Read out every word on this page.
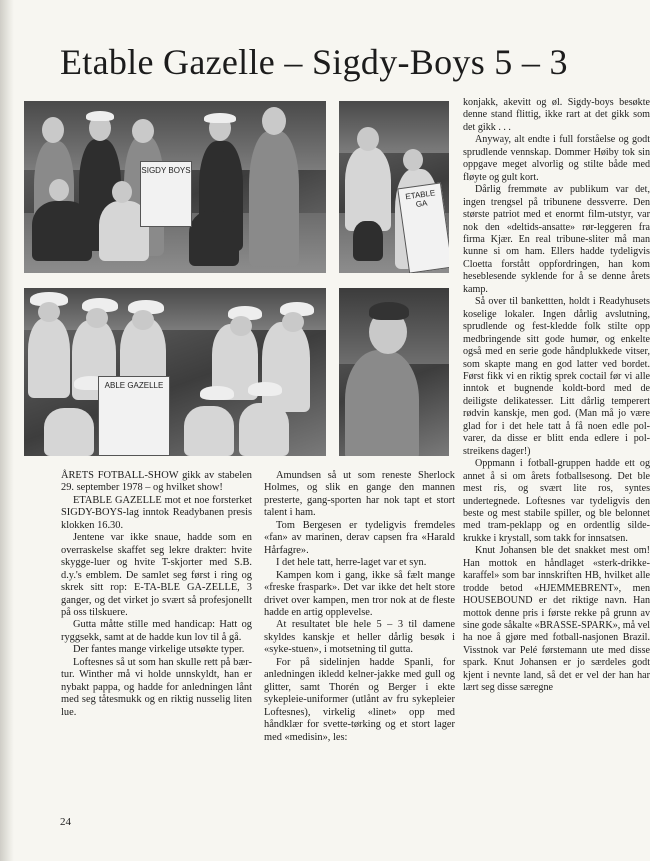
Etable Gazelle – Sigdy-Boys 5 – 3
SIGDY BOYS
ETABLE GA
ABLE GAZELLE

ÅRETS FOTBALL-SHOW gikk av stabelen 29. september 1978 – og hvilket show!

ETABLE GAZELLE mot et noe forsterket SIGDY-BOYS-lag inntok Readybanen presis klokken 16.30.

Jentene var ikke snaue, hadde som en overraskelse skaffet seg lekre drakter: hvite skygge-luer og hvite T-skjorter med S.B. d.y.'s emblem. De samlet seg først i ring og skrek sitt rop: E-TA-BLE GA-ZELLE, 3 ganger, og det virket jo svært så profesjonellt på oss tilskuere.

Gutta måtte stille med handicap: Hatt og ryggsekk, samt at de hadde kun lov til å gå.

Der fantes mange virkelige utsøkte typer.

Loftesnes så ut som han skulle rett på bær-tur. Winther må vi holde unnskyldt, han er nybakt pappa, og hadde for anledningen lånt med seg tåtesmukk og en riktig nusselig liten lue.

Amundsen så ut som reneste Sherlock Holmes, og slik en gange den mannen presterte, gang-sporten har nok tapt et stort talent i ham.

Tom Bergesen er tydeligvis fremdeles «fan» av marinen, derav capsen fra «Harald Hårfagre».

I det hele tatt, herre-laget var et syn.

Kampen kom i gang, ikke så fælt mange «freske fraspark». Det var ikke det helt store drivet over kampen, men tror nok at de fleste hadde en artig opplevelse.

At resultatet ble hele 5 – 3 til damene skyldes kanskje et heller dårlig besøk i «syke-stuen», i motsetning til gutta.

For på sidelinjen hadde Spanli, for anledningen ikledd kelner-jakke med gull og glitter, samt Thorén og Berger i ekte sykepleie-uniformer (utlånt av fru sykepleier Loftesnes), virkelig «linet» opp med håndklær for svette-tørking og et stort lager med «medisin», les:

konjakk, akevitt og øl. Sigdy-boys besøkte denne stand flittig, ikke rart at det gikk som det gikk . . .

Anyway, alt endte i full forståelse og godt sprudlende vennskap. Dommer Høiby tok sin oppgave meget alvorlig og stilte både med fløyte og gult kort.

Dårlig fremmøte av publikum var det, ingen trengsel på tribunene dessverre. Den største patriot med et enormt film-utstyr, var nok den «deltids-ansatte» rør-leggeren fra firma Kjær. En real tribune-sliter må man kunne si om ham. Ellers hadde tydeligvis Cloetta forstått oppfordringen, han kom heseblesende syklende for å se denne årets kamp.

Så over til bankettten, holdt i Readyhusets koselige lokaler. Ingen dårlig avslutning, sprudlende og fest-kledde folk stilte opp medbringende sitt gode humør, og enkelte også med en serie gode håndplukkede vitser, som skapte mang en god latter ved bordet. Først fikk vi en riktig sprek coctail før vi alle inntok et bugnende koldt-bord med de deiligste delikatesser. Litt dårlig temperert rødvin kanskje, men god. (Man må jo være glad for i det hele tatt å få noen edle pol-varer, da disse er blitt enda edlere i pol-streikens dager!)

Oppmann i fotball-gruppen hadde ett og annet å si om årets fotballsesong. Det ble mest ris, og svært lite ros, syntes undertegnede. Loftesnes var tydeligvis den beste og mest stabile spiller, og ble belonnet med tram-peklapp og en ordentlig silde-krukke i krystall, som takk for innsatsen.

Knut Johansen ble det snakket mest om! Han mottok en håndlaget «sterk-drikke-karaffel» som bar innskriften HB, hvilket alle trodde betod «HJEMMEBRENT», men HOUSEBOUND er det riktige navn. Han mottok denne pris i første rekke på grunn av sine gode såkalte «BRASSE-SPARK», må vel ha noe å gjøre med fotball-nasjonen Brazil. Visstnok var Pelé førstemann ute med disse spark. Knut Johansen er jo særdeles godt kjent i nevnte land, så det er vel der han har lært seg disse særegne

24
